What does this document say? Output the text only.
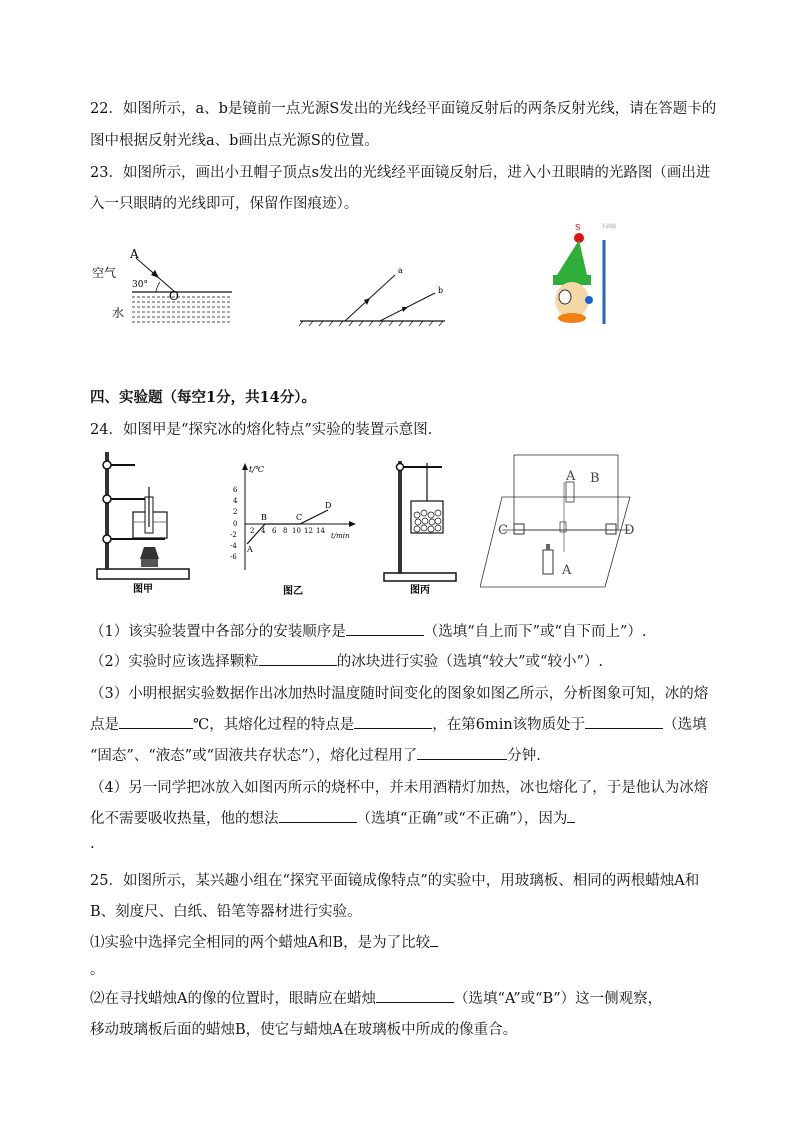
22．如图所示，a、b是镜前一点光源S发出的光线经平面镜反射后的两条反射光线，请在答题卡的
图中根据反射光线a、b画出点光源S的位置。
23．如图所示，画出小丑帽子顶点s发出的光线经平面镜反射后，进入小丑眼睛的光路图（画出进
入一只眼睛的光线即可，保留作图痕迹）。
A
空气
30°
O
水
a
b
S	平面镜
四、实验题（每空1分，共14分）。
24．如图甲是“探究冰的熔化特点”实验的装置示意图.
图甲
t/℃
t/min
6
4
2
0
-2
-4
-6
2 4 6 8 10 12 14
A
B	C
D
图乙	图丙
A B
C	D
A
（1）该实验装置中各部分的安装顺序是	（选填“自上而下”或“自下而上”）.
（2）实验时应该选择颗粒	的冰块进行实验（选填“较大”或“较小”）.
（3）小明根据实验数据作出冰加热时温度随时间变化的图象如图乙所示，分析图象可知，冰的熔
点是	℃，其熔化过程的特点是	，在第6min该物质处于	（选填
“固态”、“液态”或“固液共存状态”），熔化过程用了	分钟.
（4）另一同学把冰放入如图丙所示的烧杯中，并未用酒精灯加热，冰也熔化了，于是他认为冰熔
化不需要吸收热量，他的想法	（选填“正确”或“不正确”），因为
.
25．如图所示，某兴趣小组在“探究平面镜成像特点”的实验中，用玻璃板、相同的两根蜡烛A和
B、刻度尺、白纸、铅笔等器材进行实验。
⑴实验中选择完全相同的两个蜡烛A和B，是为了比较
。
⑵在寻找蜡烛A的像的位置时，眼睛应在蜡烛	（选填“A”或“B”）这一侧观察，
移动玻璃板后面的蜡烛B，使它与蜡烛A在玻璃板中所成的像重合。
